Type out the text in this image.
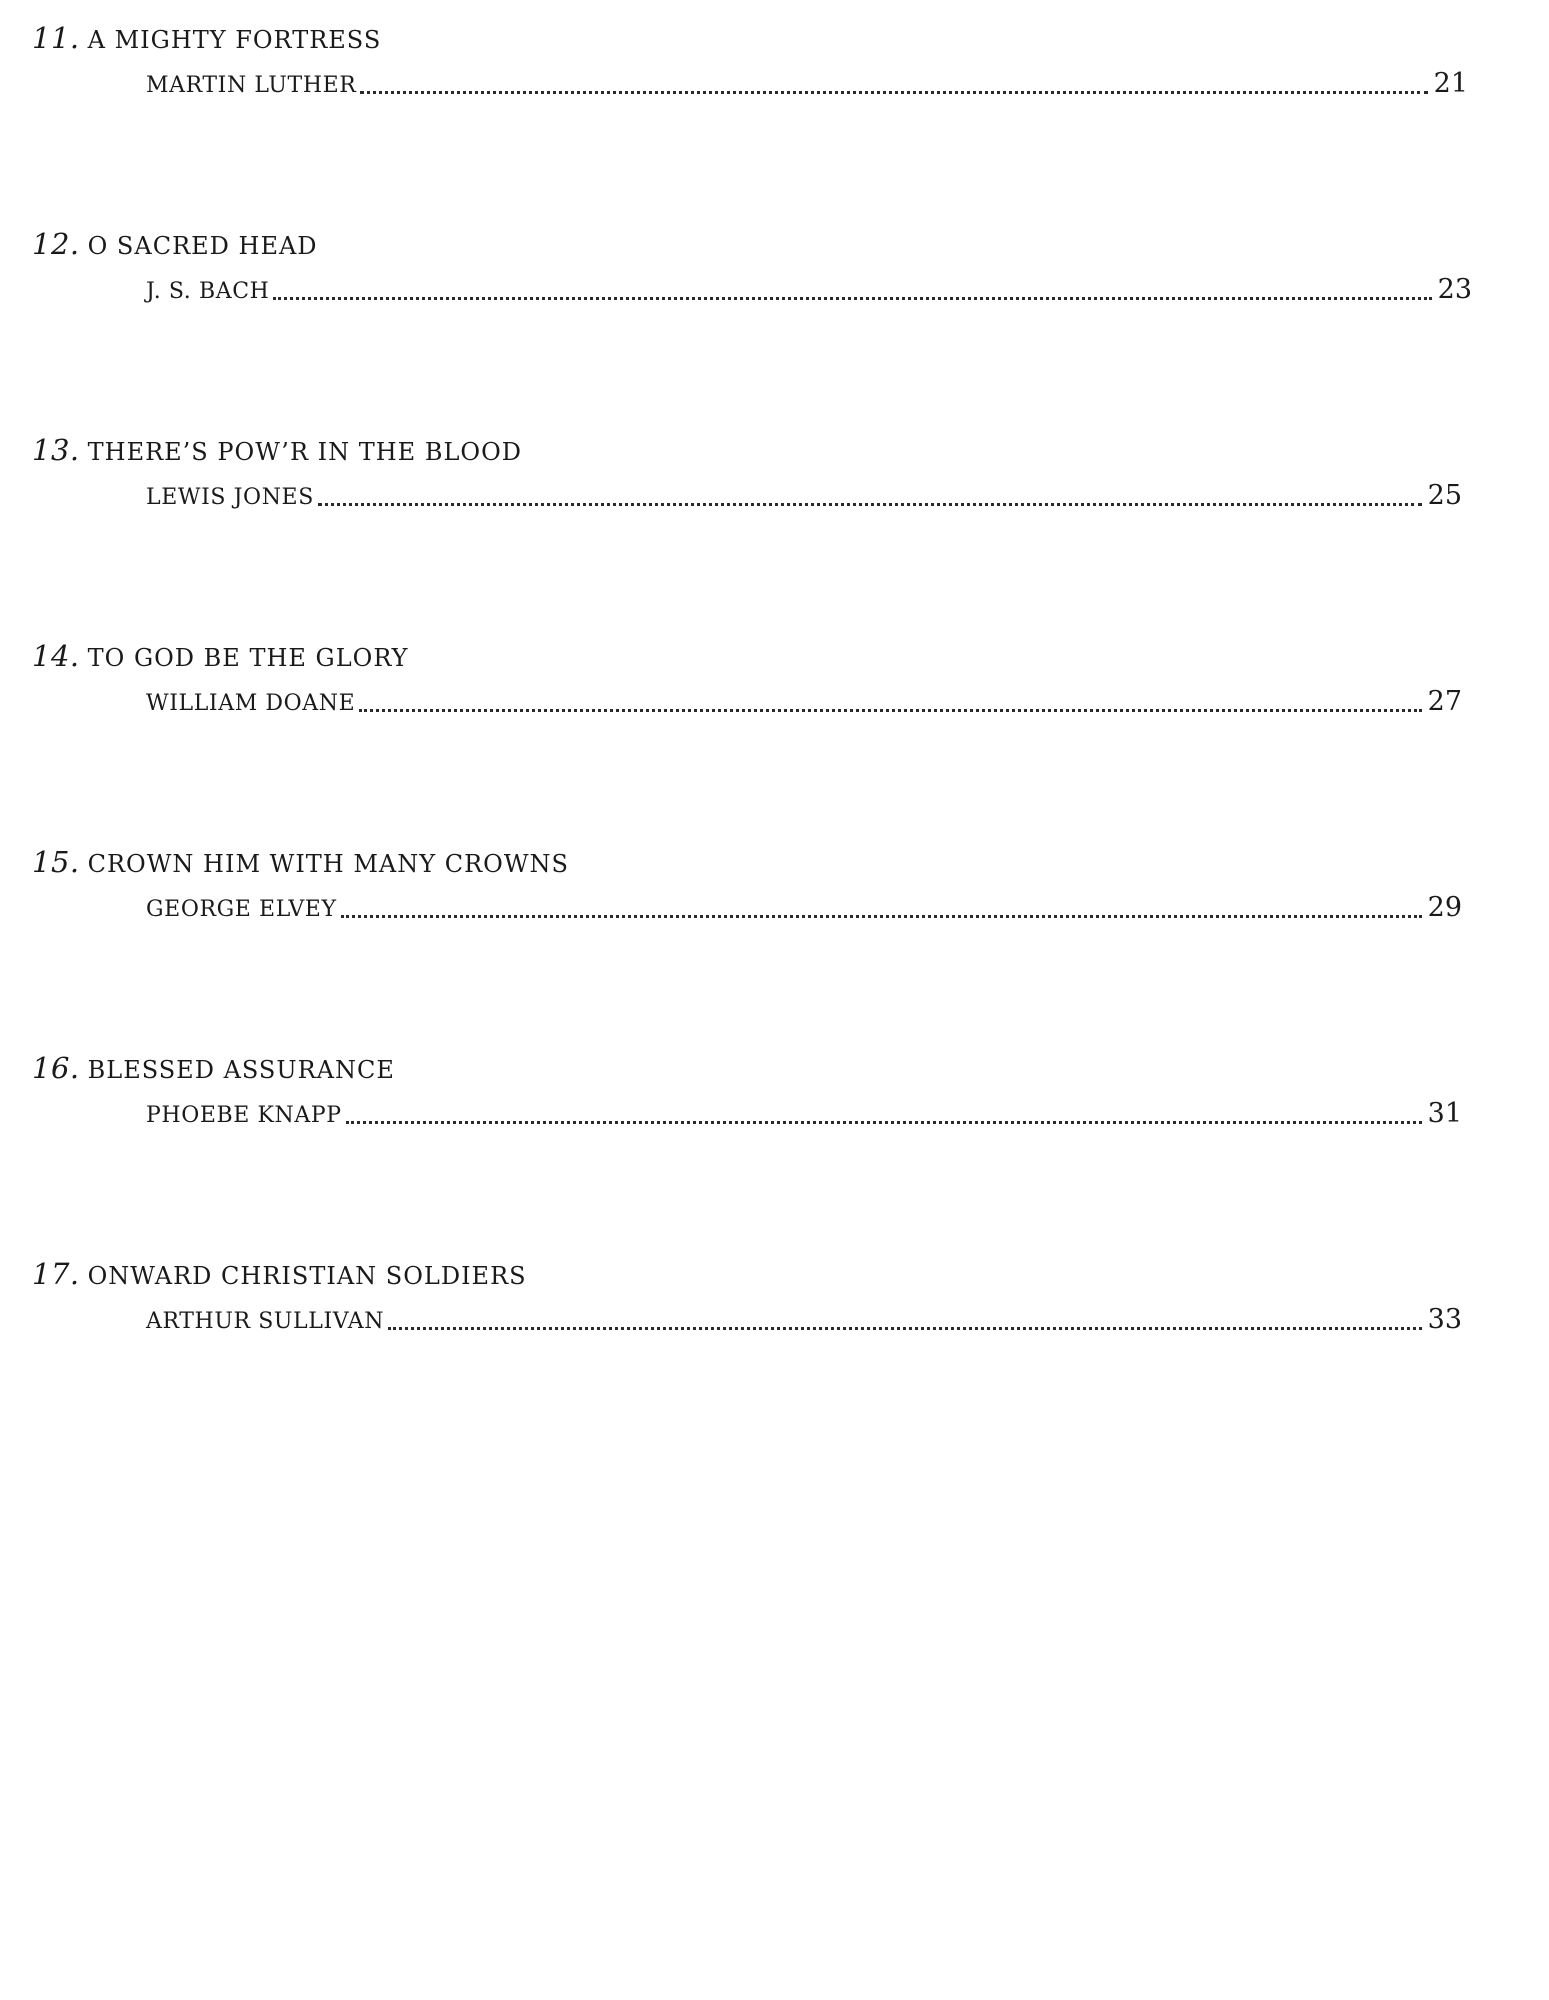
11. A MIGHTY FORTRESS
MARTIN LUTHER	21
12. O SACRED HEAD
J. S. BACH	23
13. THERE’S POW’R IN THE BLOOD
LEWIS JONES	25
14. TO GOD BE THE GLORY
WILLIAM DOANE	27
15. CROWN HIM WITH MANY CROWNS
GEORGE ELVEY	29
16. BLESSED ASSURANCE
PHOEBE KNAPP	31
17. ONWARD CHRISTIAN SOLDIERS
ARTHUR SULLIVAN	33
